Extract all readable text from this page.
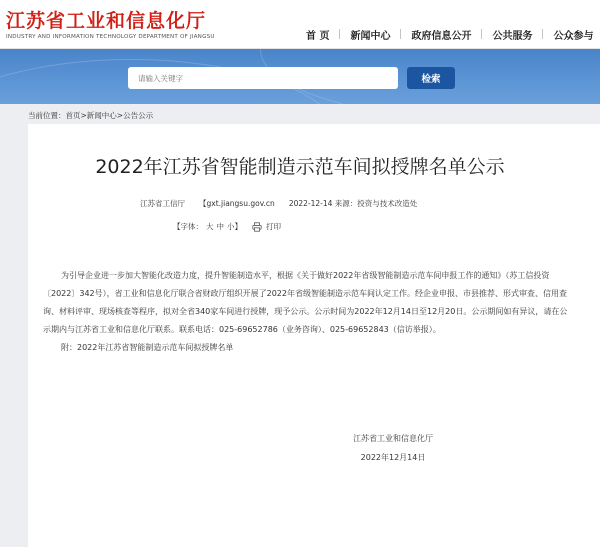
江苏省工业和信息化厅
INDUSTRY AND INFORMATION TECHNOLOGY DEPARTMENT OF JIANGSU	首 页	新闻中心	政府信息公开	公共服务	公众参与
请输入关键字
检索
当前位置： 首页 > 新闻中心 > 公告公示
2022年江苏省智能制造示范车间拟授牌名单公示
江苏省工信厅 【gxt.jiangsu.gov.cn 2022-12-14 来源：投资与技术改造处
【字体： 大 中 小 】	打印

为引导企业进一步加大智能化改造力度，提升智能制造水平，根据《关于做好2022年省级智能制造示范车间申报工作的通知》（苏工信投资〔2022〕342号），省工业和信息化厅联合省财政厅组织开展了2022年省级智能制造示范车间认定工作。经企业申报、市县推荐、形式审查、信用查询、材料评审、现场核查等程序，拟对全省340家车间进行授牌，现予公示。公示时间为2022年12月14日至12月20日。公示期间如有异议，请在公示期内与江苏省工业和信息化厅联系。联系电话：025-69652786（业务咨询）、025-69652843（信访举报）。

附：2022年江苏省智能制造示范车间拟授牌名单

江苏省工业和信息化厅
2022年12月14日
